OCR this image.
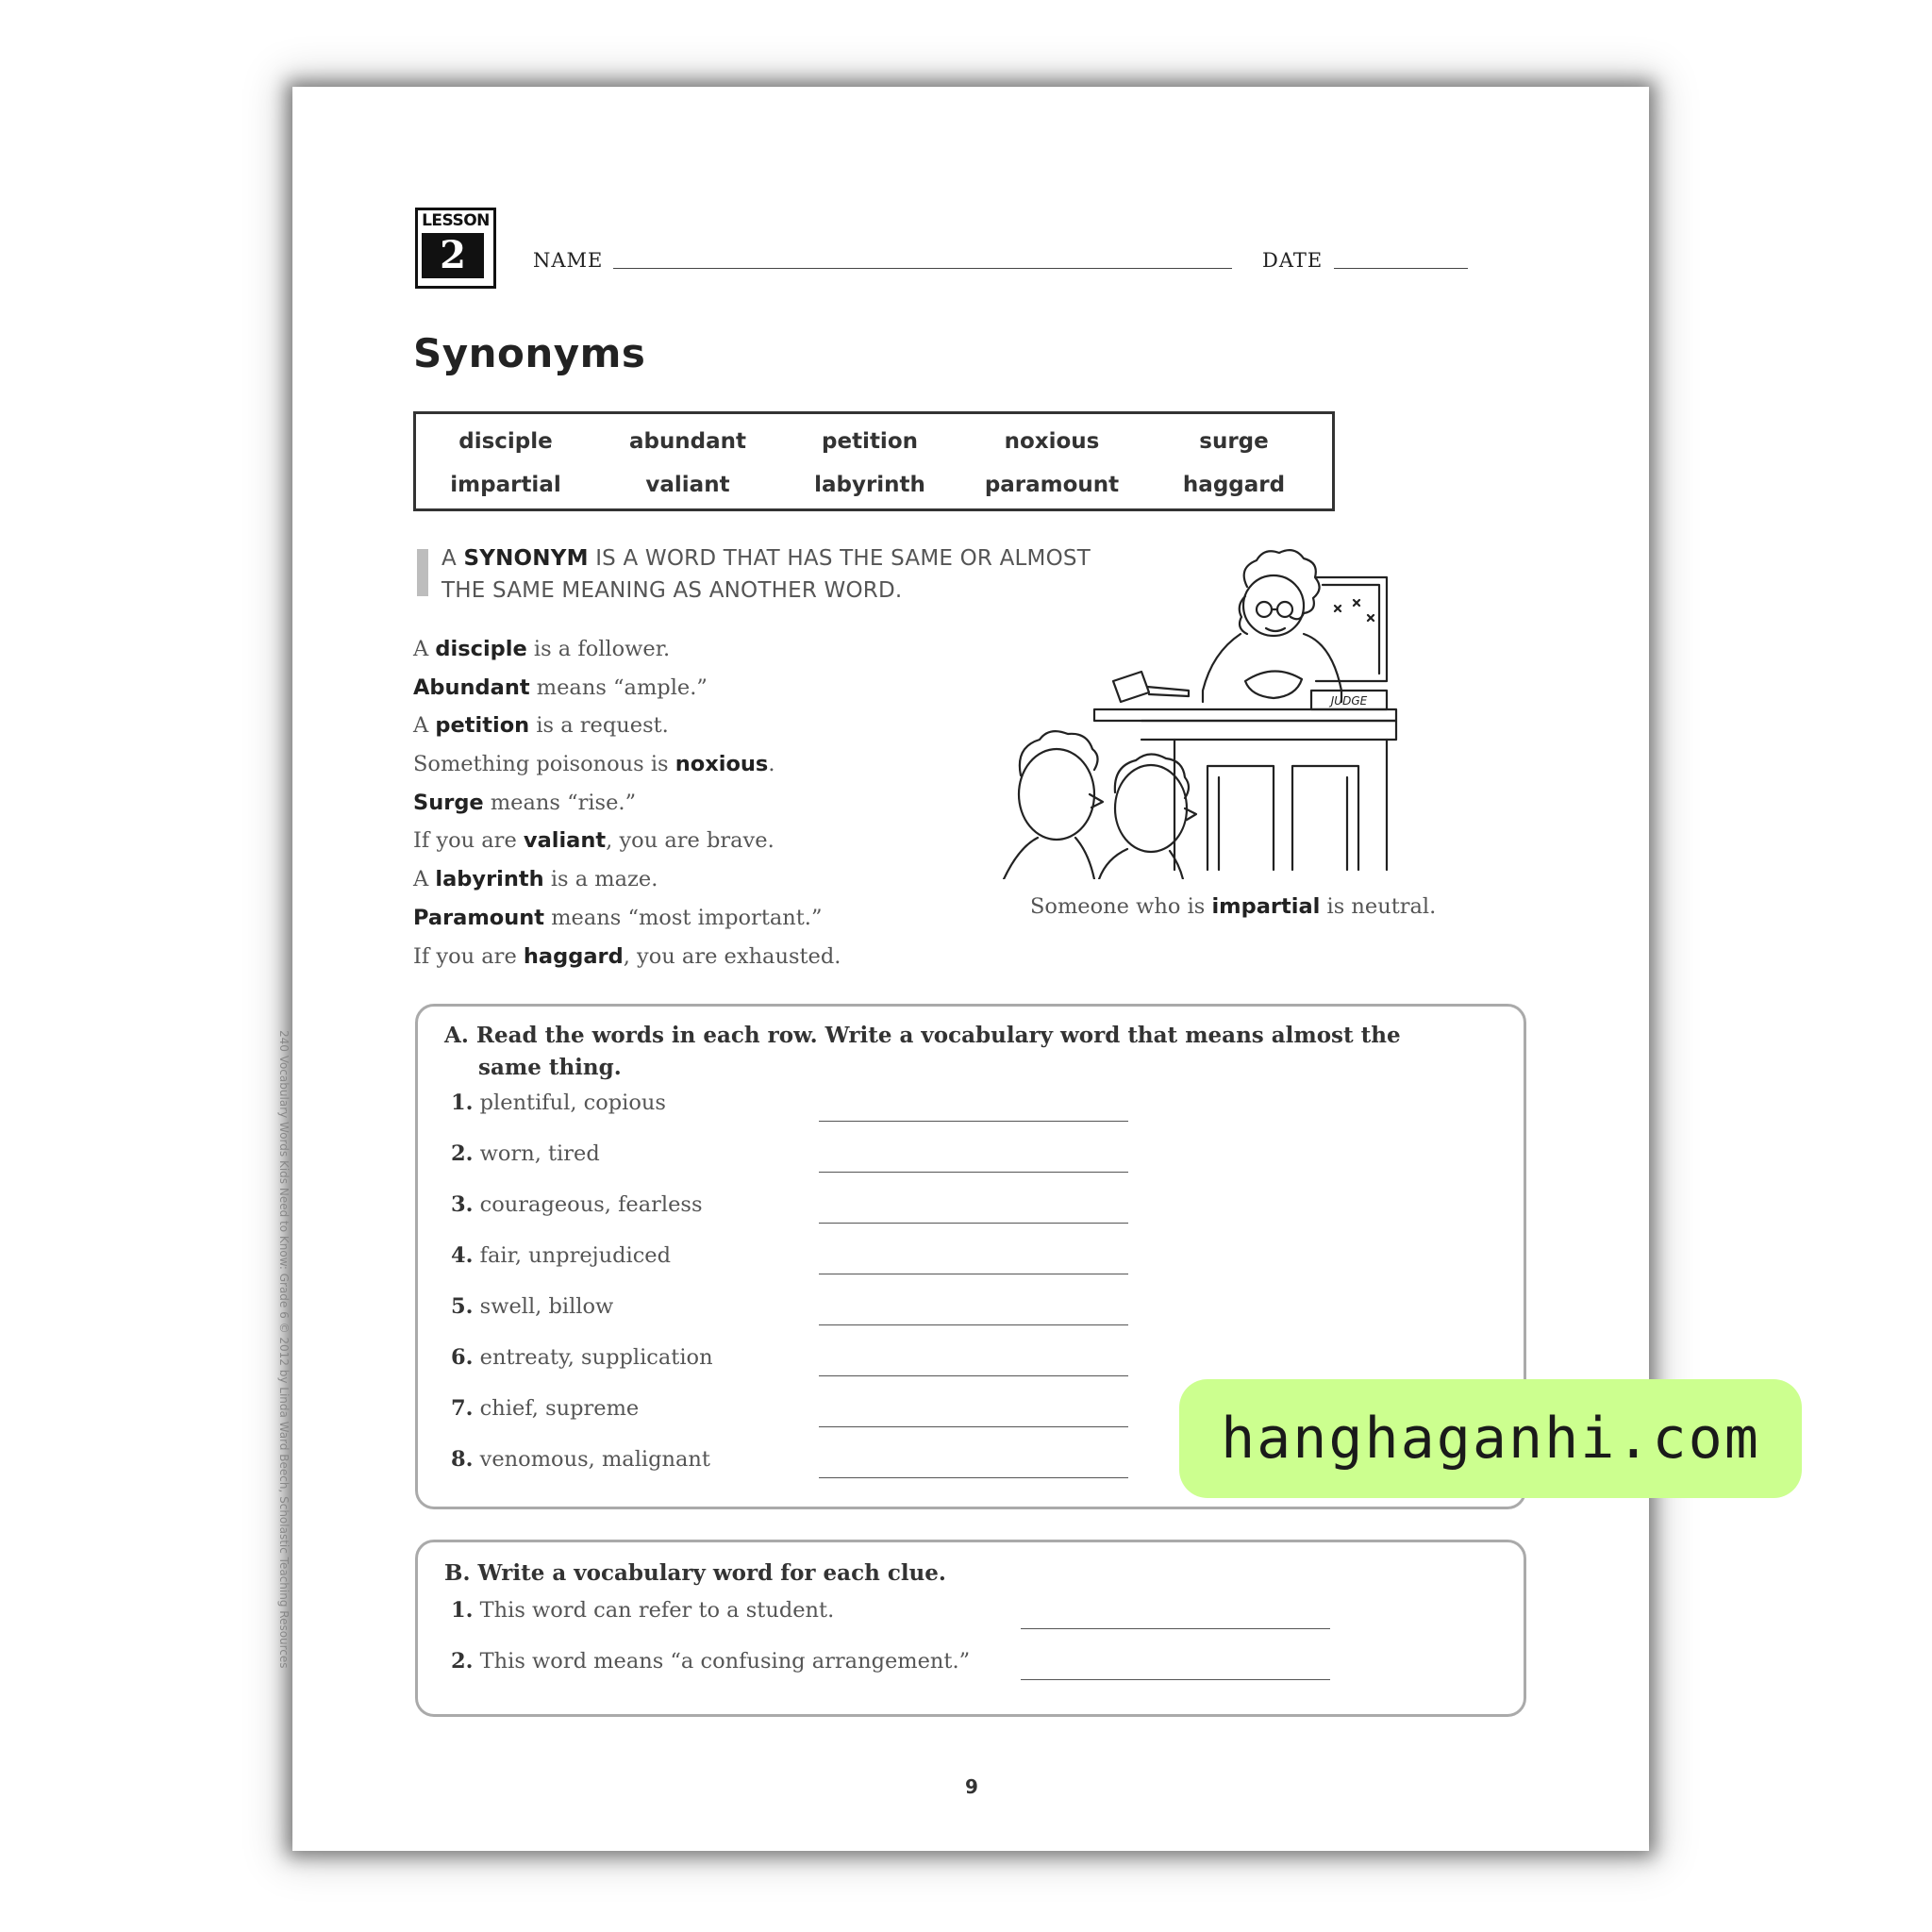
240 Vocabulary Words Kids Need to Know: Grade 6 © 2012 by Linda Ward Beech, Scholastic Teaching Resources
LESSON
2	NAME	DATE
Synonyms
disciple	abundant	petition	noxious	surge
impartial	valiant	labyrinth	paramount	haggard
A SYNONYM IS A WORD THAT HAS THE SAME OR ALMOST
THE SAME MEANING AS ANOTHER WORD.
A disciple is a follower.
Abundant means “ample.”
A petition is a request.
Something poisonous is noxious.
Surge means “rise.”
If you are valiant, you are brave.
A labyrinth is a maze.
Paramount means “most important.”
If you are haggard, you are exhausted.
JUDGE
Someone who is impartial is neutral.
A. Read the words in each row. Write a vocabulary word that means almost the
same thing.
1. plentiful, copious
2. worn, tired
3. courageous, fearless
4. fair, unprejudiced
5. swell, billow
6. entreaty, supplication
7. chief, supreme
8. venomous, malignant
B. Write a vocabulary word for each clue.
1. This word can refer to a student.
2. This word means “a confusing arrangement.”
9
hanghaganhi.com
